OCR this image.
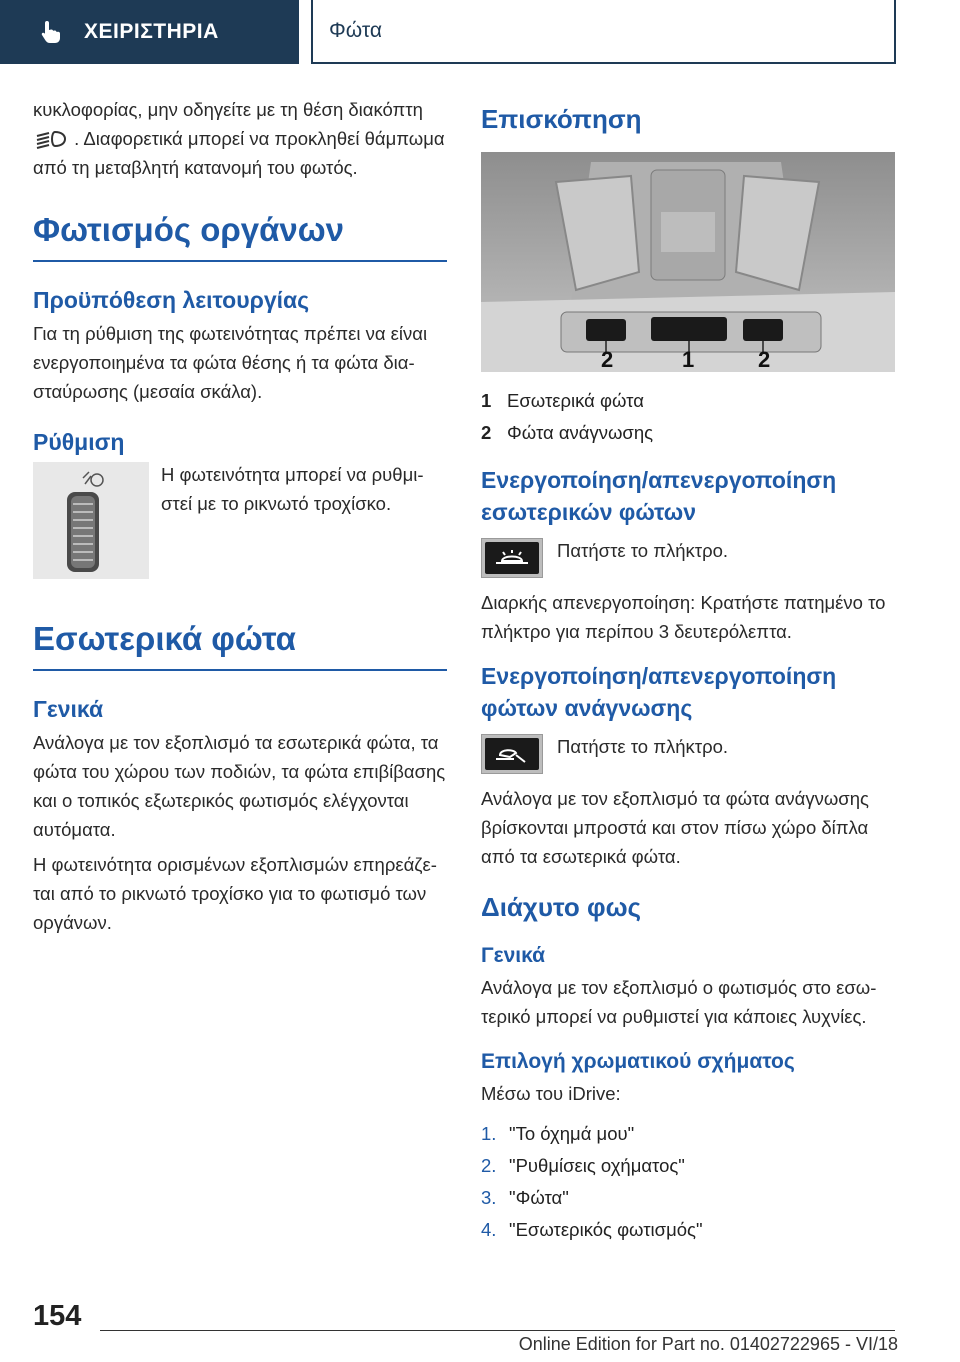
ΧΕΙΡΙΣΤΗΡΙΑ	Φώτα
κυκλοφορίας, μην οδηγείτε με τη θέση διακόπτη
. Διαφορετικά μπορεί να προκληθεί θάμπωμα
από τη μεταβλητή κατανομή του φωτός.
Φωτισμός οργάνων
Προϋπόθεση λειτουργίας
Για τη ρύθμιση της φωτεινότητας πρέπει να είναι ενεργοποιημένα τα φώτα θέσης ή τα φώτα διασταύρωσης (μεσαία σκάλα).
Ρύθμιση
Η φωτεινότητα μπορεί να ρυθμιστεί με το ρικνωτό τροχίσκο.
Εσωτερικά φώτα
Γενικά
Ανάλογα με τον εξοπλισμό τα εσωτερικά φώτα, τα φώτα του χώρου των ποδιών, τα φώτα επιβίβασης και ο τοπικός εξωτερικός φωτισμός ελέγχονται αυτόματα.
Η φωτεινότητα ορισμένων εξοπλισμών επηρεάζεται από το ρικνωτό τροχίσκο για το φωτισμό των οργάνων.
Επισκόπηση
2	1	2
1 Εσωτερικά φώτα
2 Φώτα ανάγνωσης
Ενεργοποίηση/απενεργοποίηση εσωτερικών φώτων
Πατήστε το πλήκτρο.
Διαρκής απενεργοποίηση: Κρατήστε πατημένο το πλήκτρο για περίπου 3 δευτερόλεπτα.
Ενεργοποίηση/απενεργοποίηση φώτων ανάγνωσης
Πατήστε το πλήκτρο.
Ανάλογα με τον εξοπλισμό τα φώτα ανάγνωσης βρίσκονται μπροστά και στον πίσω χώρο δίπλα από τα εσωτερικά φώτα.
Διάχυτο φως
Γενικά
Ανάλογα με τον εξοπλισμό ο φωτισμός στο εσωτερικό μπορεί να ρυθμιστεί για κάποιες λυχνίες.
Επιλογή χρωματικού σχήματος
Μέσω του iDrive:
1. "Το όχημά μου"
2. "Ρυθμίσεις οχήματος"
3. "Φώτα"
4. "Εσωτερικός φωτισμός"
154
Online Edition for Part no. 01402722965 - VI/18
